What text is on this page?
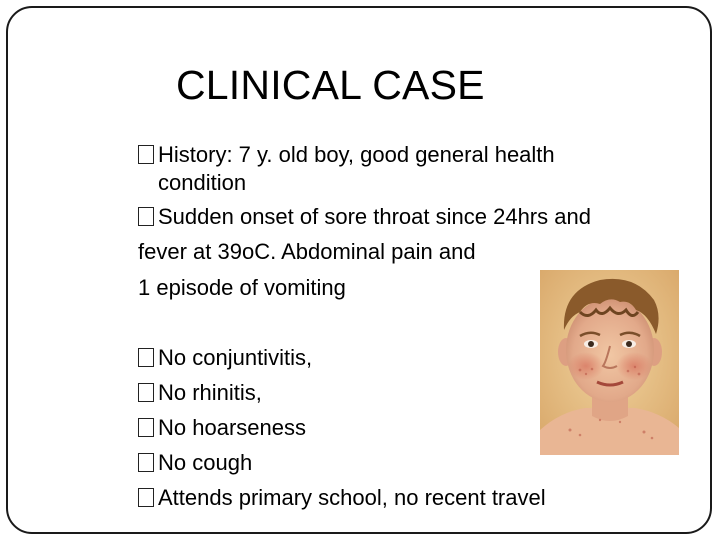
CLINICAL CASE
History: 7 y. old boy, good general health
condition
Sudden onset of sore throat since 24hrs and
fever at 39oC. Abdominal pain and
1 episode of vomiting
No conjuntivitis,
No rhinitis,
No hoarseness
No cough
Attends primary school, no recent travel
